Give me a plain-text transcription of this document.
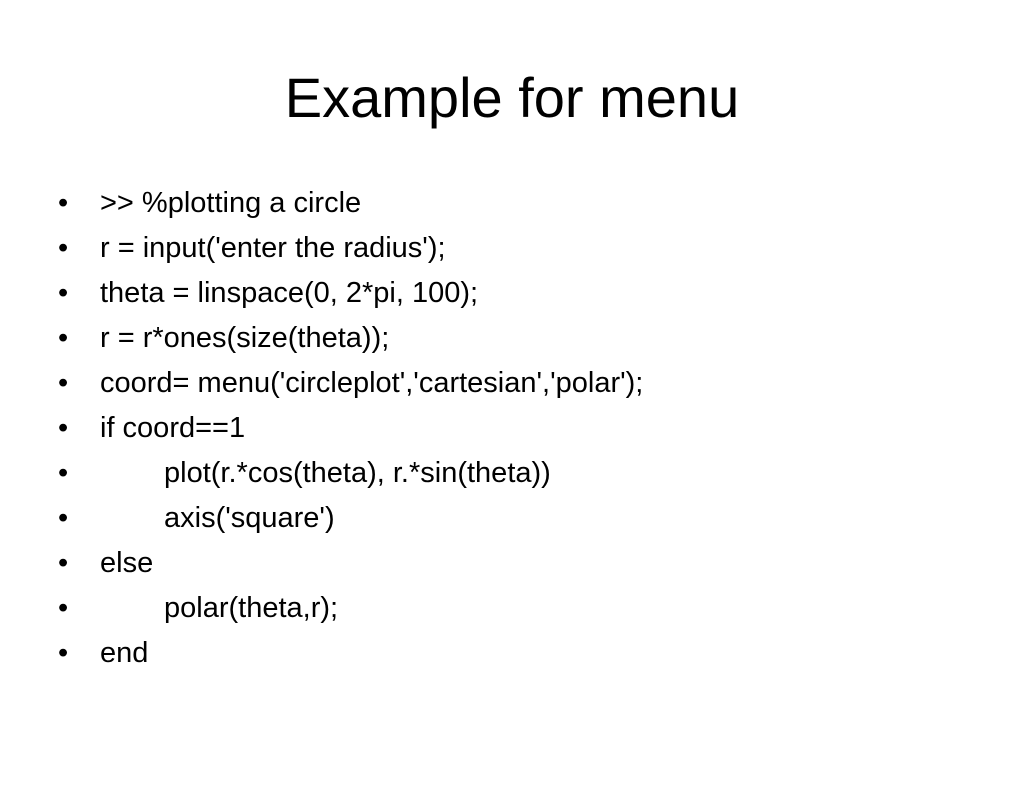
Example for menu

•

	>> %plotting a circle

•

	r = input('enter the radius');

•

	theta = linspace(0, 2*pi, 100);

•

	r = r*ones(size(theta));

•

	coord= menu('circleplot','cartesian','polar');

•

	if coord==1

•

	plot(r.*cos(theta), r.*sin(theta))

•

	axis('square')

•

	else

•

	polar(theta,r);

•

	end
